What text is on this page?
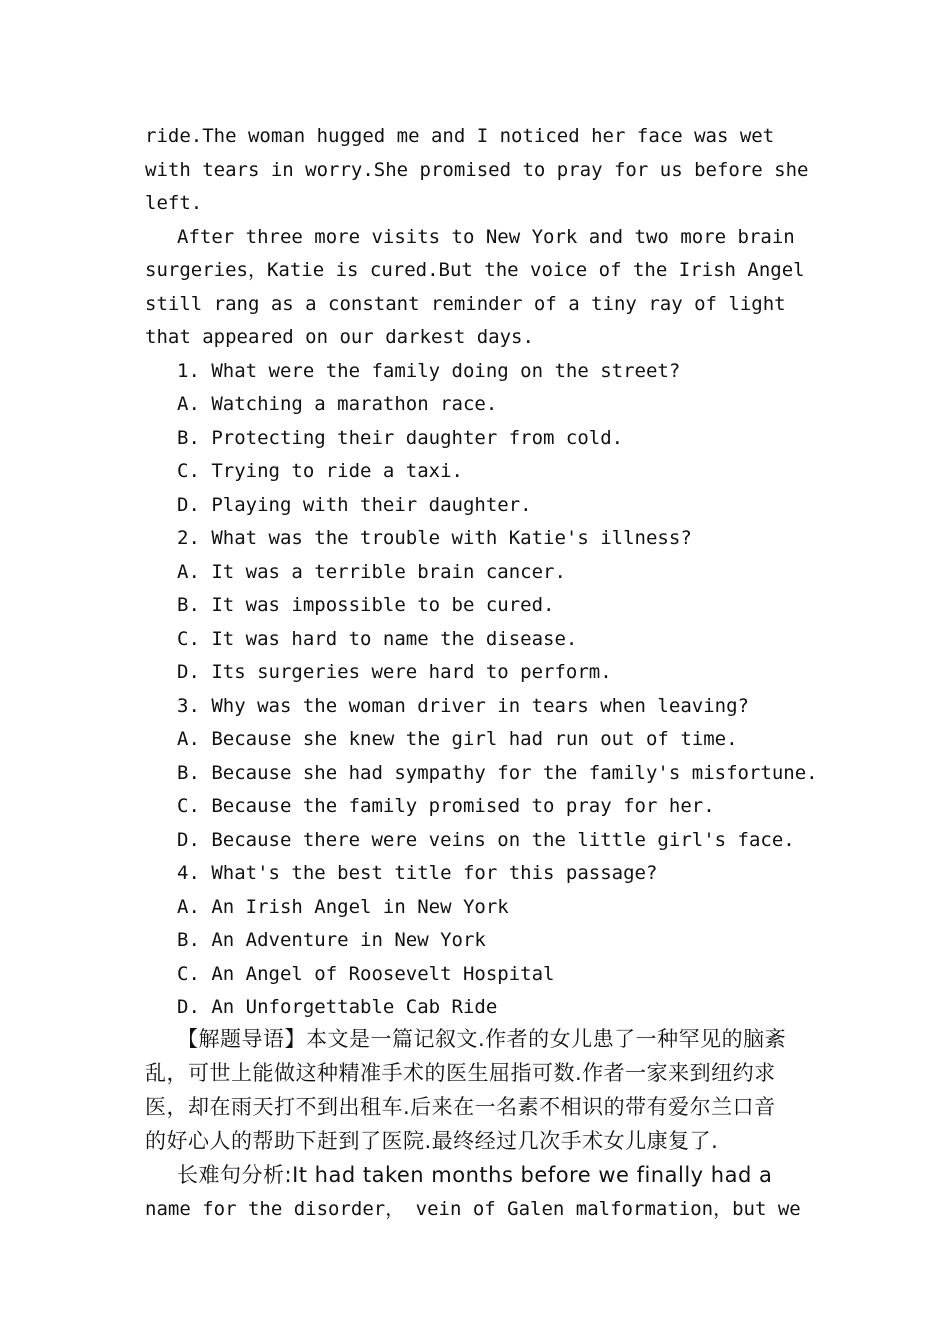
ride.The woman hugged me and I noticed her face was wet
with tears in worry.She promised to pray for us before she
left.
After three more visits to New York and two more brain
surgeries，Katie is cured.But the voice of the Irish Angel
still rang as a constant reminder of a tiny ray of light
that appeared on our darkest days.
1. What were the family doing on the street?
A. Watching a marathon race.
B. Protecting their daughter from cold.
C. Trying to ride a taxi.
D. Playing with their daughter.
2. What was the trouble with Katie's illness?
A. It was a terrible brain cancer.
B. It was impossible to be cured.
C. It was hard to name the disease.
D. Its surgeries were hard to perform.
3. Why was the woman driver in tears when leaving?
A. Because she knew the girl had run out of time.
B. Because she had sympathy for the family's misfortune.
C. Because the family promised to pray for her.
D. Because there were veins on the little girl's face.
4. What's the best title for this passage?
A. An Irish Angel in New York
B. An Adventure in New York
C. An Angel of Roosevelt Hospital
D. An Unforgettable Cab Ride
【解题导语】本文是一篇记叙文.作者的女儿患了一种罕见的脑紊
乱，可世上能做这种精准手术的医生屈指可数.作者一家来到纽约求
医，却在雨天打不到出租车.后来在一名素不相识的带有爱尔兰口音
的好心人的帮助下赶到了医院.最终经过几次手术女儿康复了.
长难句分析:It had taken months before we finally had a
name for the disorder， vein of Galen malformation，but we
